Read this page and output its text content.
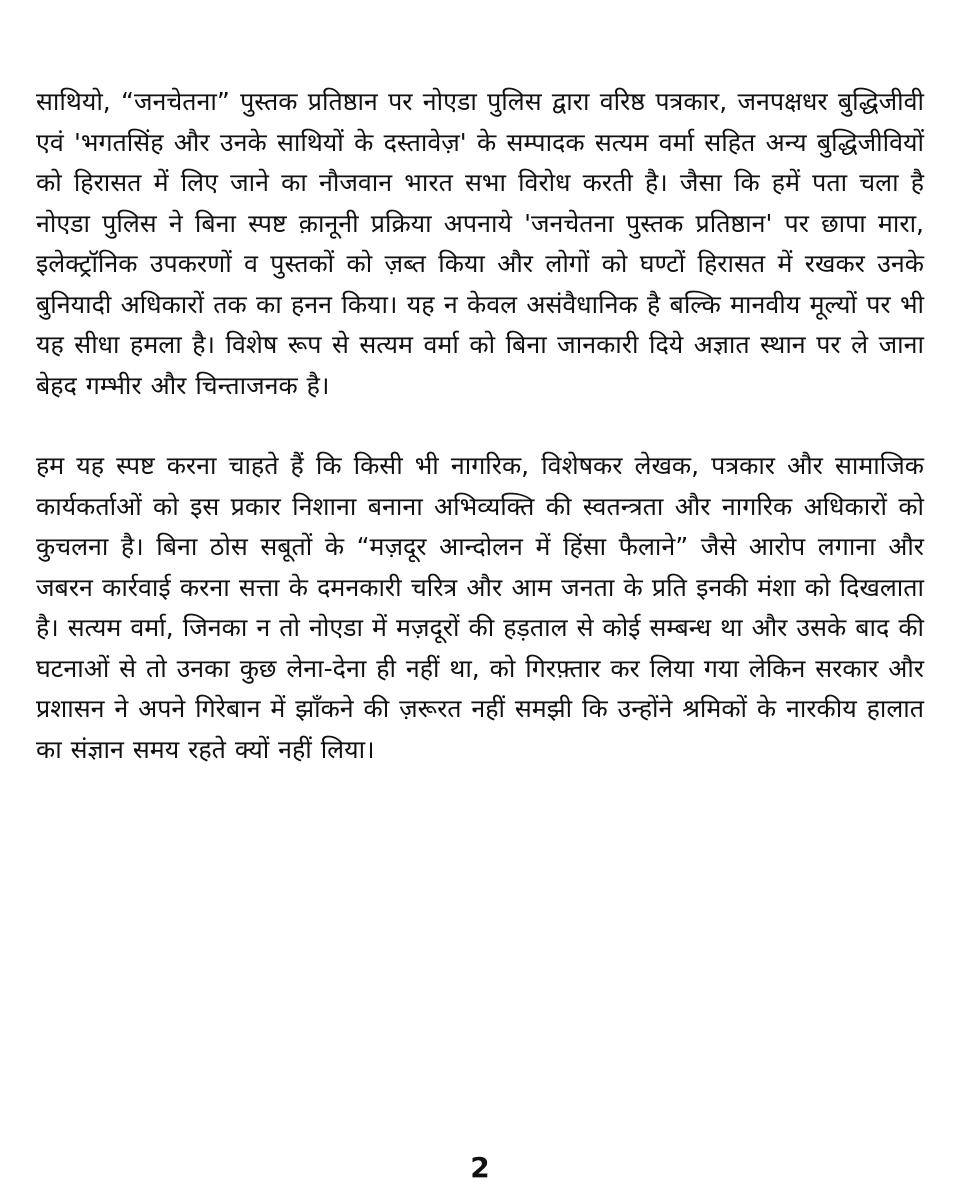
साथियो, “जनचेतना” पुस्तक प्रतिष्ठान पर नोएडा पुलिस द्वारा वरिष्ठ पत्रकार, जनपक्षधर बुद्धिजीवी एवं 'भगतसिंह और उनके साथियों के दस्तावेज़' के सम्पादक सत्यम वर्मा सहित अन्य बुद्धिजीवियों को हिरासत में लिए जाने का नौजवान भारत सभा विरोध करती है। जैसा कि हमें पता चला है नोएडा पुलिस ने बिना स्पष्ट क़ानूनी प्रक्रिया अपनाये 'जनचेतना पुस्तक प्रतिष्ठान' पर छापा मारा, इलेक्ट्रॉनिक उपकरणों व पुस्तकों को ज़ब्त किया और लोगों को घण्टों हिरासत में रखकर उनके बुनियादी अधिकारों तक का हनन किया। यह न केवल असंवैधानिक है बल्कि मानवीय मूल्यों पर भी यह सीधा हमला है। विशेष रूप से सत्यम वर्मा को बिना जानकारी दिये अज्ञात स्थान पर ले जाना बेहद गम्भीर और चिन्ताजनक है।

हम यह स्पष्ट करना चाहते हैं कि किसी भी नागरिक, विशेषकर लेखक, पत्रकार और सामाजिक कार्यकर्ताओं को इस प्रकार निशाना बनाना अभिव्यक्ति की स्वतन्त्रता और नागरिक अधिकारों को कुचलना है। बिना ठोस सबूतों के “मज़दूर आन्दोलन में हिंसा फैलाने” जैसे आरोप लगाना और जबरन कार्रवाई करना सत्ता के दमनकारी चरित्र और आम जनता के प्रति इनकी मंशा को दिखलाता है। सत्यम वर्मा, जिनका न तो नोएडा में मज़दूरों की हड़ताल से कोई सम्बन्ध था और उसके बाद की घटनाओं से तो उनका कुछ लेना-देना ही नहीं था, को गिरफ़्तार कर लिया गया लेकिन सरकार और प्रशासन ने अपने गिरेबान में झाँकने की ज़रूरत नहीं समझी कि उन्होंने श्रमिकों के नारकीय हालात का संज्ञान समय रहते क्यों नहीं लिया।

2
